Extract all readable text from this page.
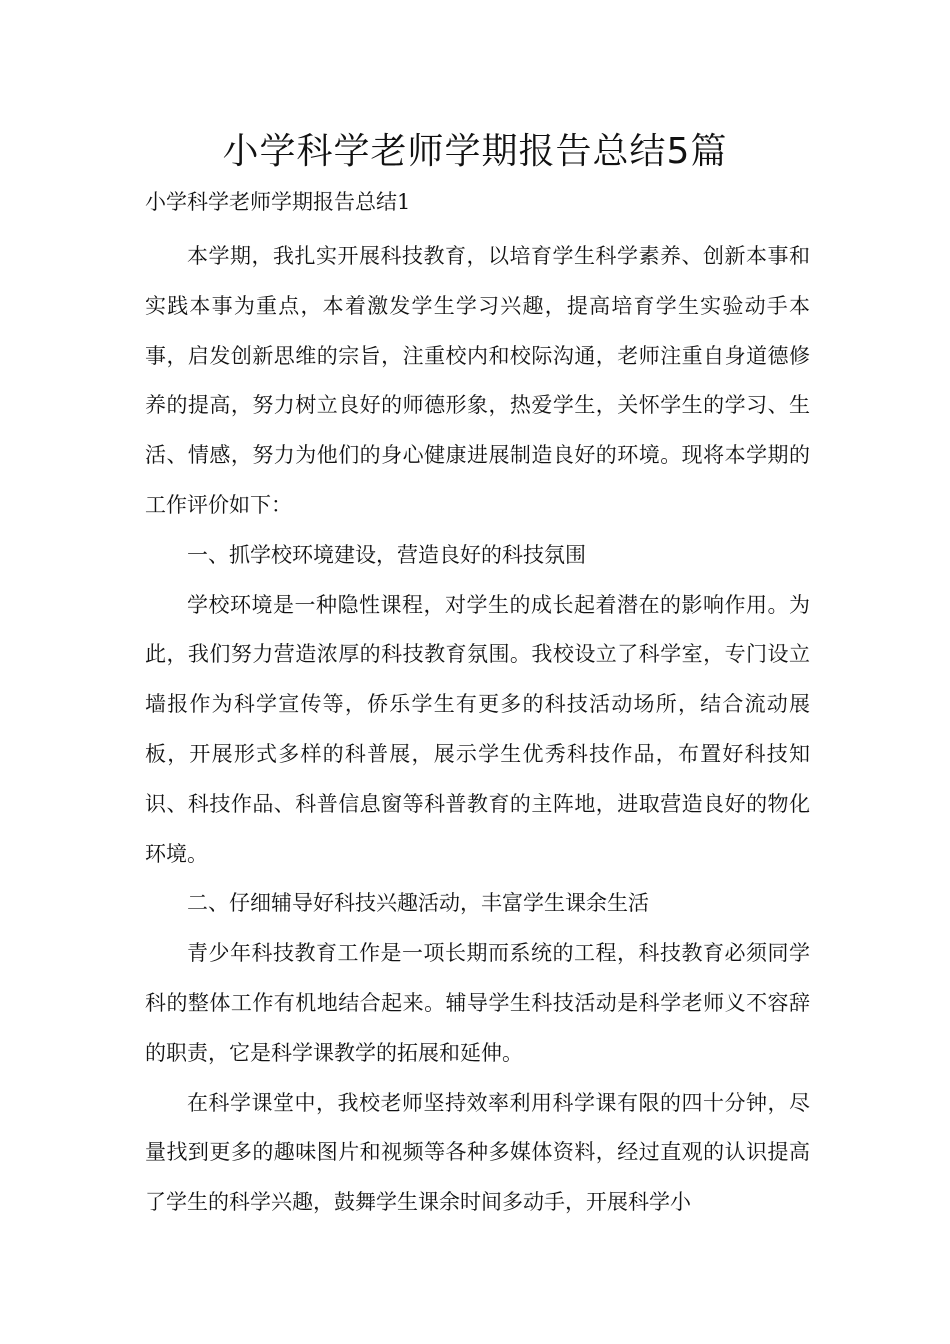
小学科学老师学期报告总结5篇

小学科学老师学期报告总结1

本学期，我扎实开展科技教育，以培育学生科学素养、创新本事和实践本事为重点，本着激发学生学习兴趣，提高培育学生实验动手本事，启发创新思维的宗旨，注重校内和校际沟通，老师注重自身道德修养的提高，努力树立良好的师德形象，热爱学生，关怀学生的学习、生活、情感，努力为他们的身心健康进展制造良好的环境。现将本学期的工作评价如下：

一、抓学校环境建设，营造良好的科技氛围

学校环境是一种隐性课程，对学生的成长起着潜在的影响作用。为此，我们努力营造浓厚的科技教育氛围。我校设立了科学室，专门设立墙报作为科学宣传等，侨乐学生有更多的科技活动场所，结合流动展板，开展形式多样的科普展，展示学生优秀科技作品，布置好科技知识、科技作品、科普信息窗等科普教育的主阵地，进取营造良好的物化环境。

二、仔细辅导好科技兴趣活动，丰富学生课余生活

青少年科技教育工作是一项长期而系统的工程，科技教育必须同学科的整体工作有机地结合起来。辅导学生科技活动是科学老师义不容辞的职责，它是科学课教学的拓展和延伸。

在科学课堂中，我校老师坚持效率利用科学课有限的四十分钟，尽量找到更多的趣味图片和视频等各种多媒体资料，经过直观的认识提高了学生的科学兴趣，鼓舞学生课余时间多动手，开展科学小
